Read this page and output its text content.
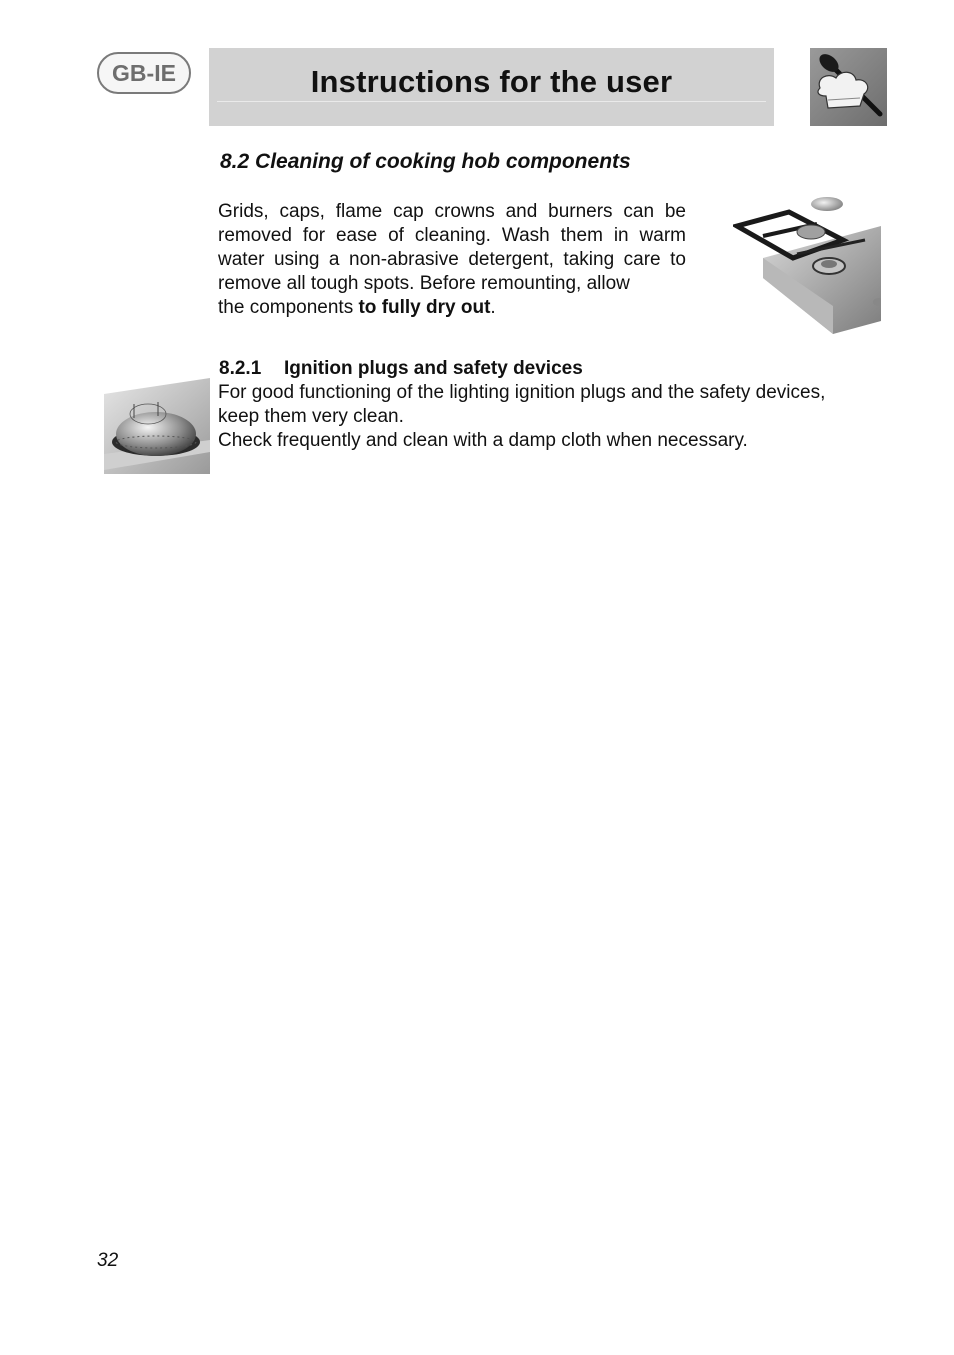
GB-IE	Instructions for the user
8.2 Cleaning of cooking hob components

Grids, caps, flame cap crowns and burners can be removed for ease of cleaning. Wash them in warm water using a non-abrasive detergent, taking care to remove all tough spots. Before remounting, allow
the components to fully dry out.

8.2.1 Ignition plugs and safety devices

For good functioning of the lighting ignition plugs and the safety devices,
keep them very clean.
Check frequently and clean with a damp cloth when necessary.

32
